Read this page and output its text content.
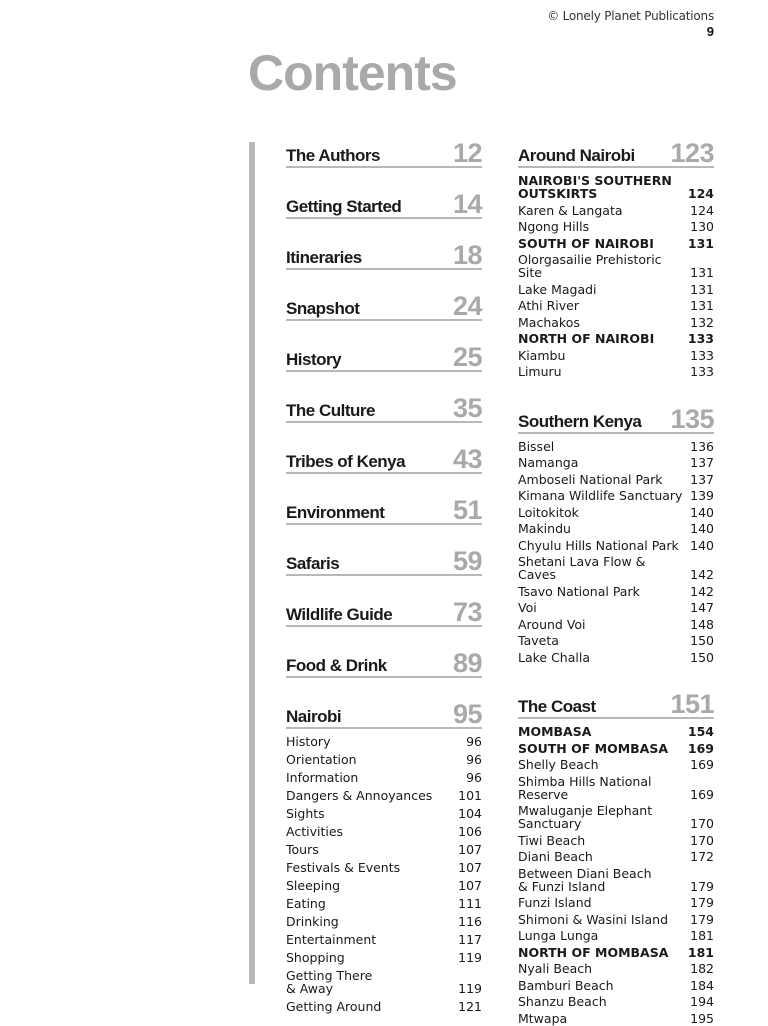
© Lonely Planet Publications
9
Contents
The Authors	12
Getting Started 14
Itineraries	18
Snapshot	24
History	25
The Culture	35
Tribes of Kenya 43
Environment	51
Safaris	59
Wildlife Guide 73
Food & Drink 89
Nairobi	95
History	96
Orientation	96
Information	96
Dangers & Annoyances	101
Sights	104
Activities	106
Tours	107
Festivals & Events	107
Sleeping	107
Eating	111
Drinking	116
Entertainment	117
Shopping	119
Getting There
& Away	119
Getting Around	121
Around Nairobi 123
NAIROBI'S SOUTHERN
OUTSKIRTS	124
Karen & Langata	124
Ngong Hills	130
SOUTH OF NAIROBI	131
Olorgasailie Prehistoric
Site	131
Lake Magadi	131
Athi River	131
Machakos	132
NORTH OF NAIROBI	133
Kiambu	133
Limuru	133
Southern Kenya 135
Bissel	136
Namanga	137
Amboseli National Park	137
Kimana Wildlife Sanctuary 139
Loitokitok	140
Makindu	140
Chyulu Hills National Park 140
Shetani Lava Flow & Caves	142
Tsavo National Park	142
Voi	147
Around Voi	148
Taveta	150
Lake Challa	150
The Coast	151
MOMBASA	154
SOUTH OF MOMBASA	169
Shelly Beach	169
Shimba Hills National
Reserve	169
Mwaluganje Elephant
Sanctuary	170
Tiwi Beach	170
Diani Beach	172
Between Diani Beach
& Funzi Island	179
Funzi Island	179
Shimoni & Wasini Island	179
Lunga Lunga	181
NORTH OF MOMBASA	181
Nyali Beach	182
Bamburi Beach	184
Shanzu Beach	194
Mtwapa	195
